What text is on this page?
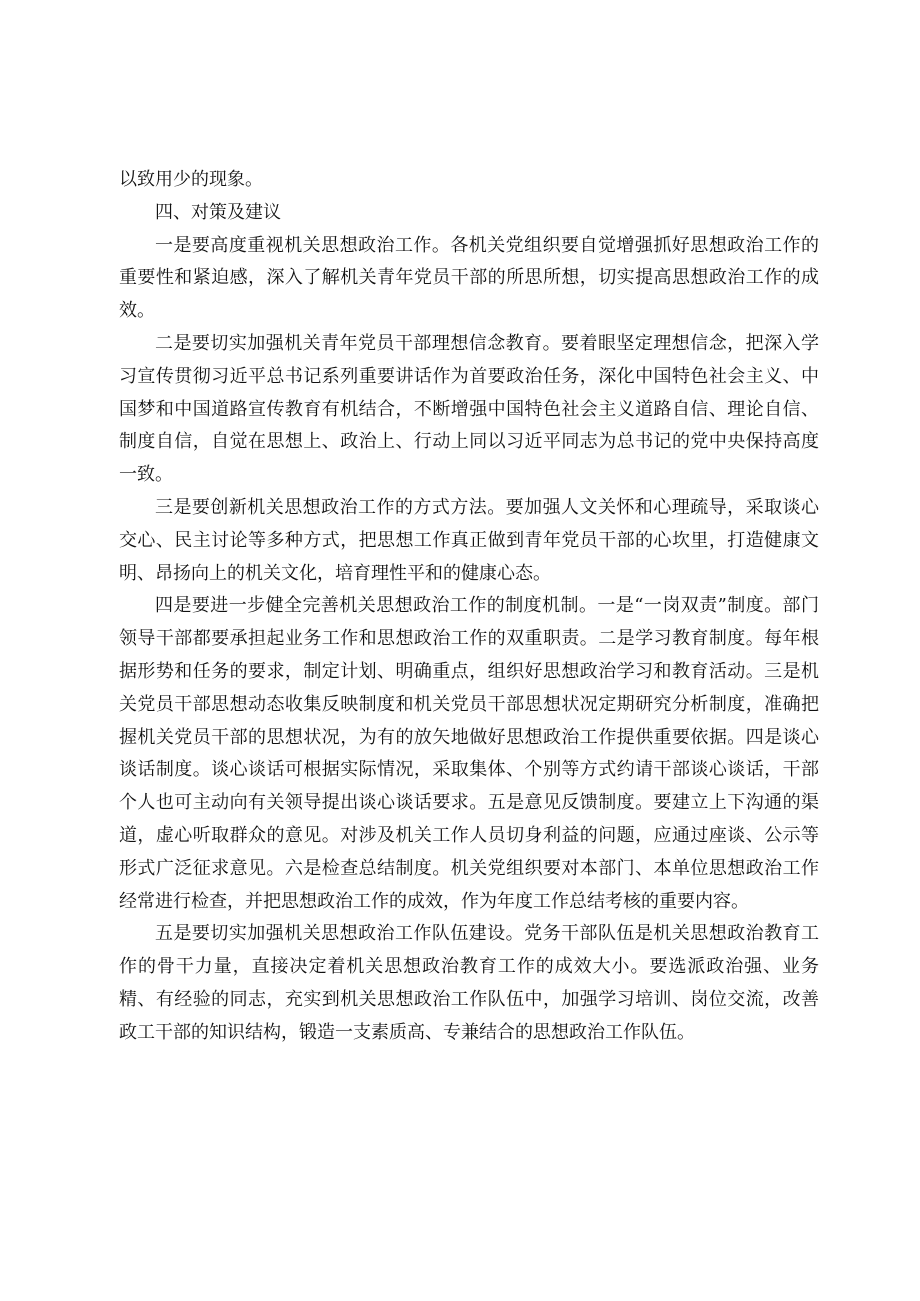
以致用少的现象。

四、对策及建议

一是要高度重视机关思想政治工作。各机关党组织要自觉增强抓好思想政治工作的重要性和紧迫感，深入了解机关青年党员干部的所思所想，切实提高思想政治工作的成效。

二是要切实加强机关青年党员干部理想信念教育。要着眼坚定理想信念，把深入学习宣传贯彻习近平总书记系列重要讲话作为首要政治任务，深化中国特色社会主义、中国梦和中国道路宣传教育有机结合，不断增强中国特色社会主义道路自信、理论自信、制度自信，自觉在思想上、政治上、行动上同以习近平同志为总书记的党中央保持高度一致。

三是要创新机关思想政治工作的方式方法。要加强人文关怀和心理疏导，采取谈心交心、民主讨论等多种方式，把思想工作真正做到青年党员干部的心坎里，打造健康文明、昂扬向上的机关文化，培育理性平和的健康心态。

四是要进一步健全完善机关思想政治工作的制度机制。一是“一岗双责”制度。部门领导干部都要承担起业务工作和思想政治工作的双重职责。二是学习教育制度。每年根据形势和任务的要求，制定计划、明确重点，组织好思想政治学习和教育活动。三是机关党员干部思想动态收集反映制度和机关党员干部思想状况定期研究分析制度，准确把握机关党员干部的思想状况，为有的放矢地做好思想政治工作提供重要依据。四是谈心谈话制度。谈心谈话可根据实际情况，采取集体、个别等方式约请干部谈心谈话，干部个人也可主动向有关领导提出谈心谈话要求。五是意见反馈制度。要建立上下沟通的渠道，虚心听取群众的意见。对涉及机关工作人员切身利益的问题，应通过座谈、公示等形式广泛征求意见。六是检查总结制度。机关党组织要对本部门、本单位思想政治工作经常进行检查，并把思想政治工作的成效，作为年度工作总结考核的重要内容。

五是要切实加强机关思想政治工作队伍建设。党务干部队伍是机关思想政治教育工作的骨干力量，直接决定着机关思想政治教育工作的成效大小。要选派政治强、业务精、有经验的同志，充实到机关思想政治工作队伍中，加强学习培训、岗位交流，改善政工干部的知识结构，锻造一支素质高、专兼结合的思想政治工作队伍。
